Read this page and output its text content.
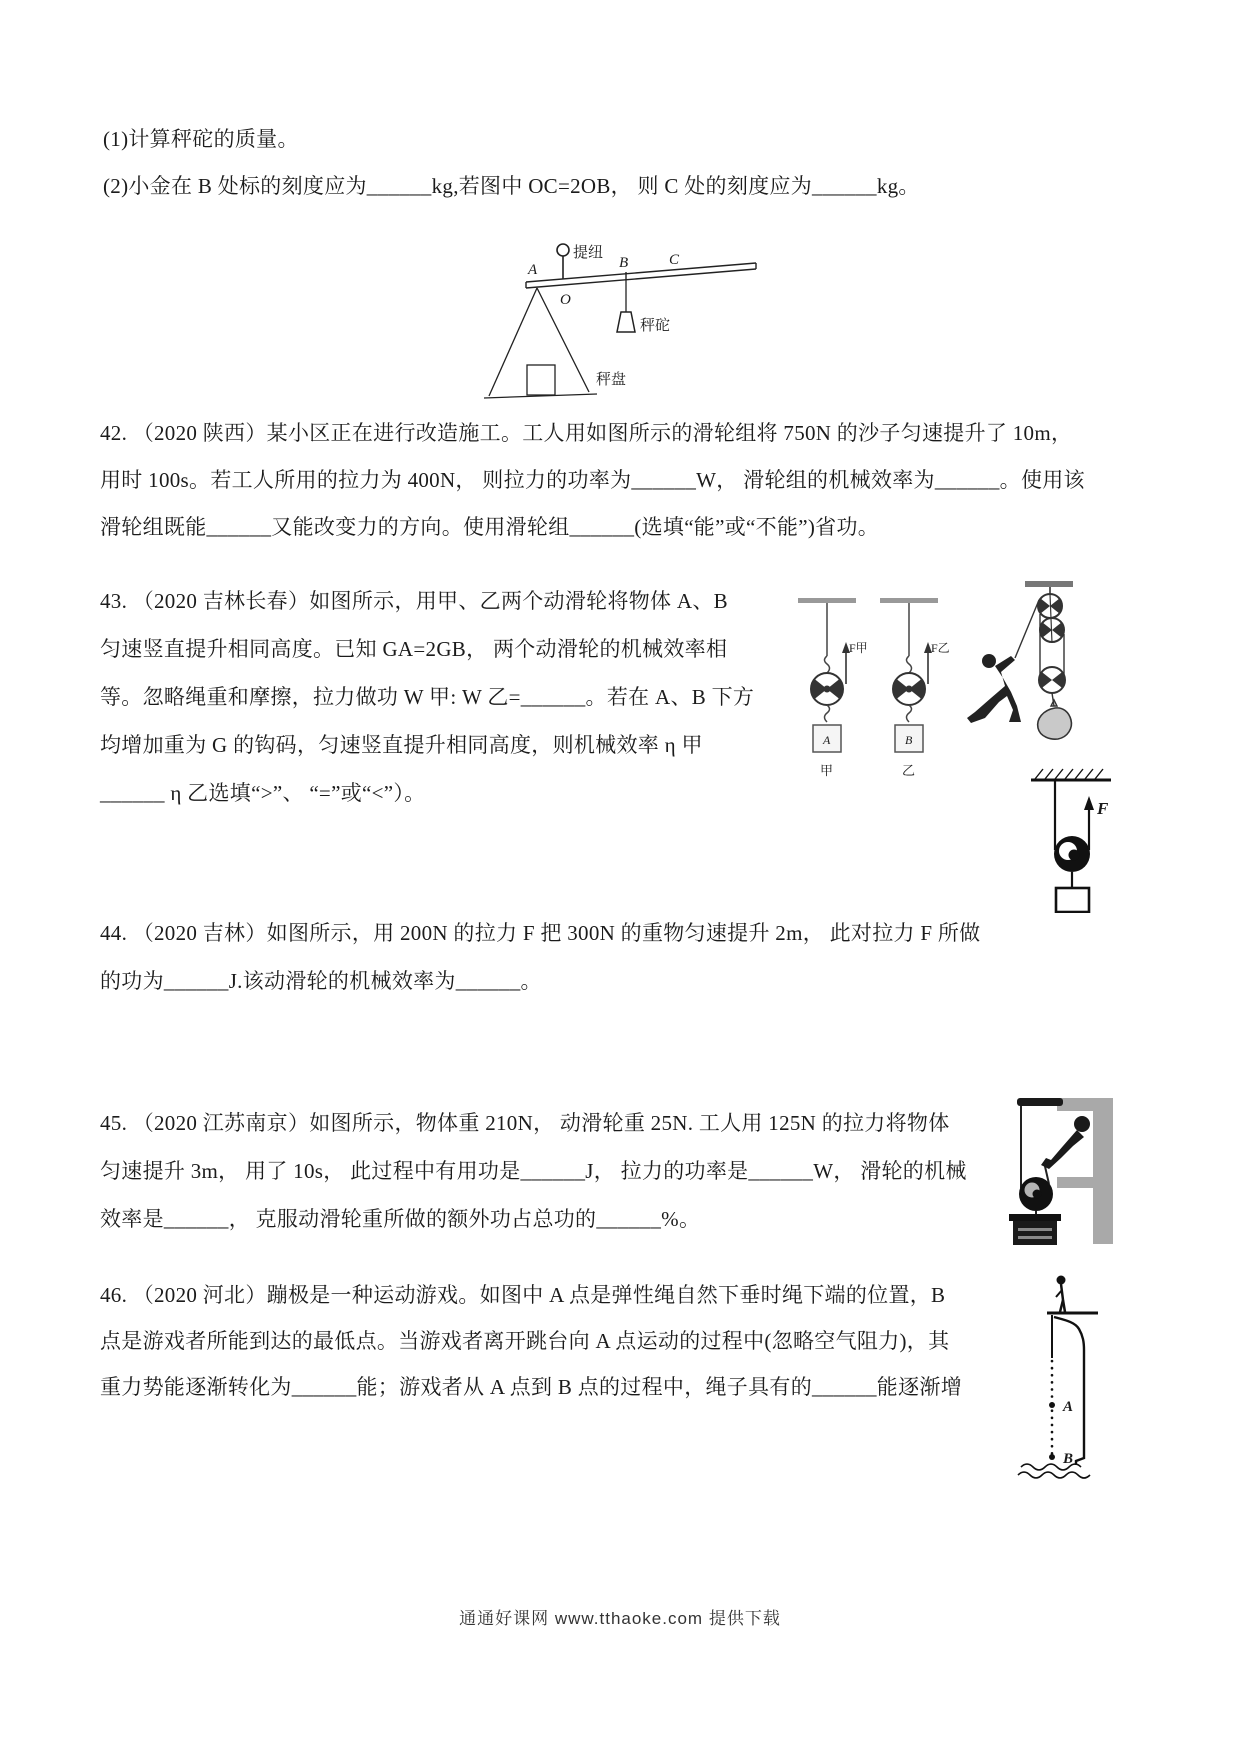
(1)计算秤砣的质量。
(2)小金在 B 处标的刻度应为______kg,若图中 OC=2OB， 则 C 处的刻度应为______kg。
提纽
A
O
B	C
秤砣
秤盘
42. （2020 陕西）某小区正在进行改造施工。工人用如图所示的滑轮组将 750N 的沙子匀速提升了 10m，
用时 100s。若工人所用的拉力为 400N， 则拉力的功率为______W， 滑轮组的机械效率为______。使用该
滑轮组既能______又能改变力的方向。使用滑轮组______(选填“能”或“不能”)省功。
43. （2020 吉林长春）如图所示，用甲、乙两个动滑轮将物体 A、B
匀速竖直提升相同高度。已知 GA=2GB， 两个动滑轮的机械效率相
等。忽略绳重和摩擦，拉力做功 W 甲: W 乙=______。若在 A、B 下方
均增加重为 G 的钩码，匀速竖直提升相同高度，则机械效率 η 甲
______ η 乙选填“>”、 “=”或“<”）。
F甲
A
甲
F乙
B
乙
F
44. （2020 吉林）如图所示，用 200N 的拉力 F 把 300N 的重物匀速提升 2m， 此对拉力 F 所做
的功为______J.该动滑轮的机械效率为______。
45. （2020 江苏南京）如图所示，物体重 210N， 动滑轮重 25N. 工人用 125N 的拉力将物体
匀速提升 3m， 用了 10s， 此过程中有用功是______J， 拉力的功率是______W， 滑轮的机械
效率是______， 克服动滑轮重所做的额外功占总功的______%。
46. （2020 河北）蹦极是一种运动游戏。如图中 A 点是弹性绳自然下垂时绳下端的位置，B
点是游戏者所能到达的最低点。当游戏者离开跳台向 A 点运动的过程中(忽略空气阻力)，其
重力势能逐渐转化为______能；游戏者从 A 点到 B 点的过程中，绳子具有的______能逐渐增
A
B
通通好课网 www.tthaoke.com 提供下载
